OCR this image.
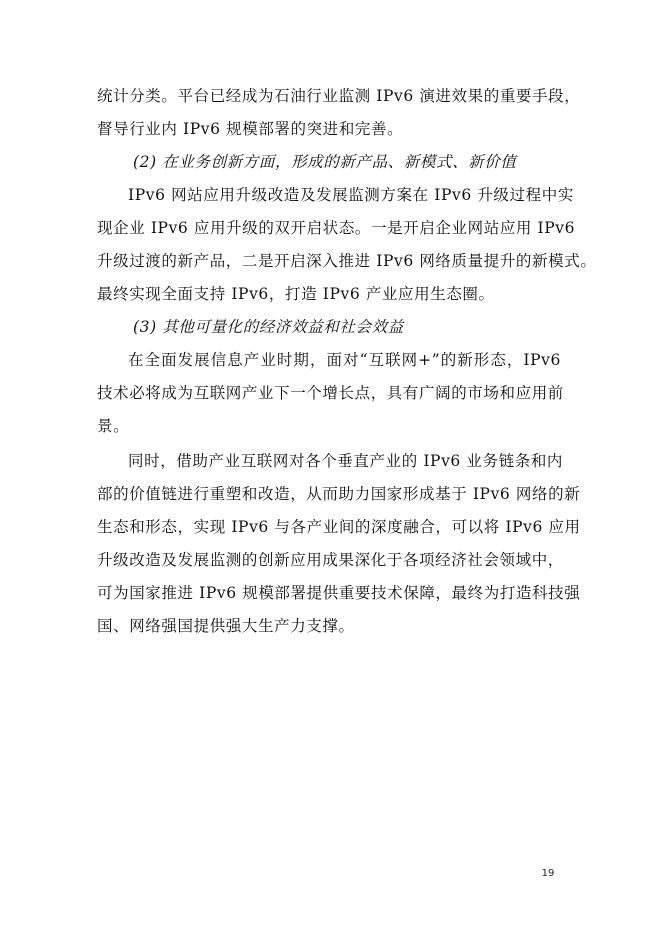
统计分类。平台已经成为石油行业监测 IPv6 演进效果的重要手段，
督导行业内 IPv6 规模部署的突进和完善。
(2) 在业务创新方面，形成的新产品、新模式、新价值
IPv6 网站应用升级改造及发展监测方案在 IPv6 升级过程中实
现企业 IPv6 应用升级的双开启状态。一是开启企业网站应用 IPv6
升级过渡的新产品，二是开启深入推进 IPv6 网络质量提升的新模式。
最终实现全面支持 IPv6，打造 IPv6 产业应用生态圈。
(3) 其他可量化的经济效益和社会效益
在全面发展信息产业时期，面对“互联网+”的新形态，IPv6
技术必将成为互联网产业下一个增长点，具有广阔的市场和应用前
景。
同时，借助产业互联网对各个垂直产业的 IPv6 业务链条和内
部的价值链进行重塑和改造，从而助力国家形成基于 IPv6 网络的新
生态和形态，实现 IPv6 与各产业间的深度融合，可以将 IPv6 应用
升级改造及发展监测的创新应用成果深化于各项经济社会领域中，
可为国家推进 IPv6 规模部署提供重要技术保障，最终为打造科技强
国、网络强国提供强大生产力支撑。
19
